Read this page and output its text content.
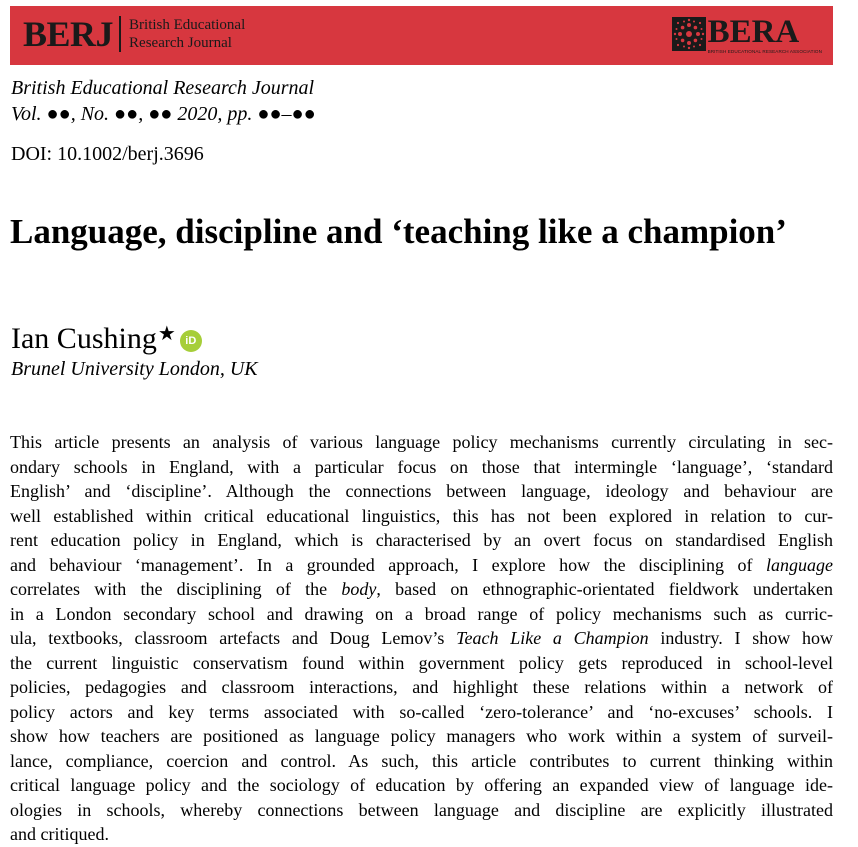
BERJ British Educational
Research Journal	BERA
BRITISH EDUCATIONAL RESEARCH ASSOCIATION
British Educational Research Journal
Vol. ●●, No. ●●, ●● 2020, pp. ●●–●●
DOI: 10.1002/berj.3696
Language, discipline and ‘teaching like a champion’
Ian Cushing ★ iD
Brunel University London, UK
This article presents an analysis of various language policy mechanisms currently circulating in sec-
ondary schools in England, with a particular focus on those that intermingle ‘language’, ‘standard
English’ and ‘discipline’. Although the connections between language, ideology and behaviour are
well established within critical educational linguistics, this has not been explored in relation to cur-
rent education policy in England, which is characterised by an overt focus on standardised English
and behaviour ‘management’. In a grounded approach, I explore how the disciplining of language
correlates with the disciplining of the body, based on ethnographic-orientated fieldwork undertaken
in a London secondary school and drawing on a broad range of policy mechanisms such as curric-
ula, textbooks, classroom artefacts and Doug Lemov’s Teach Like a Champion industry. I show how
the current linguistic conservatism found within government policy gets reproduced in school-level
policies, pedagogies and classroom interactions, and highlight these relations within a network of
policy actors and key terms associated with so-called ‘zero-tolerance’ and ‘no-excuses’ schools. I
show how teachers are positioned as language policy managers who work within a system of surveil-
lance, compliance, coercion and control. As such, this article contributes to current thinking within
critical language policy and the sociology of education by offering an expanded view of language ide-
ologies in schools, whereby connections between language and discipline are explicitly illustrated
and critiqued.
